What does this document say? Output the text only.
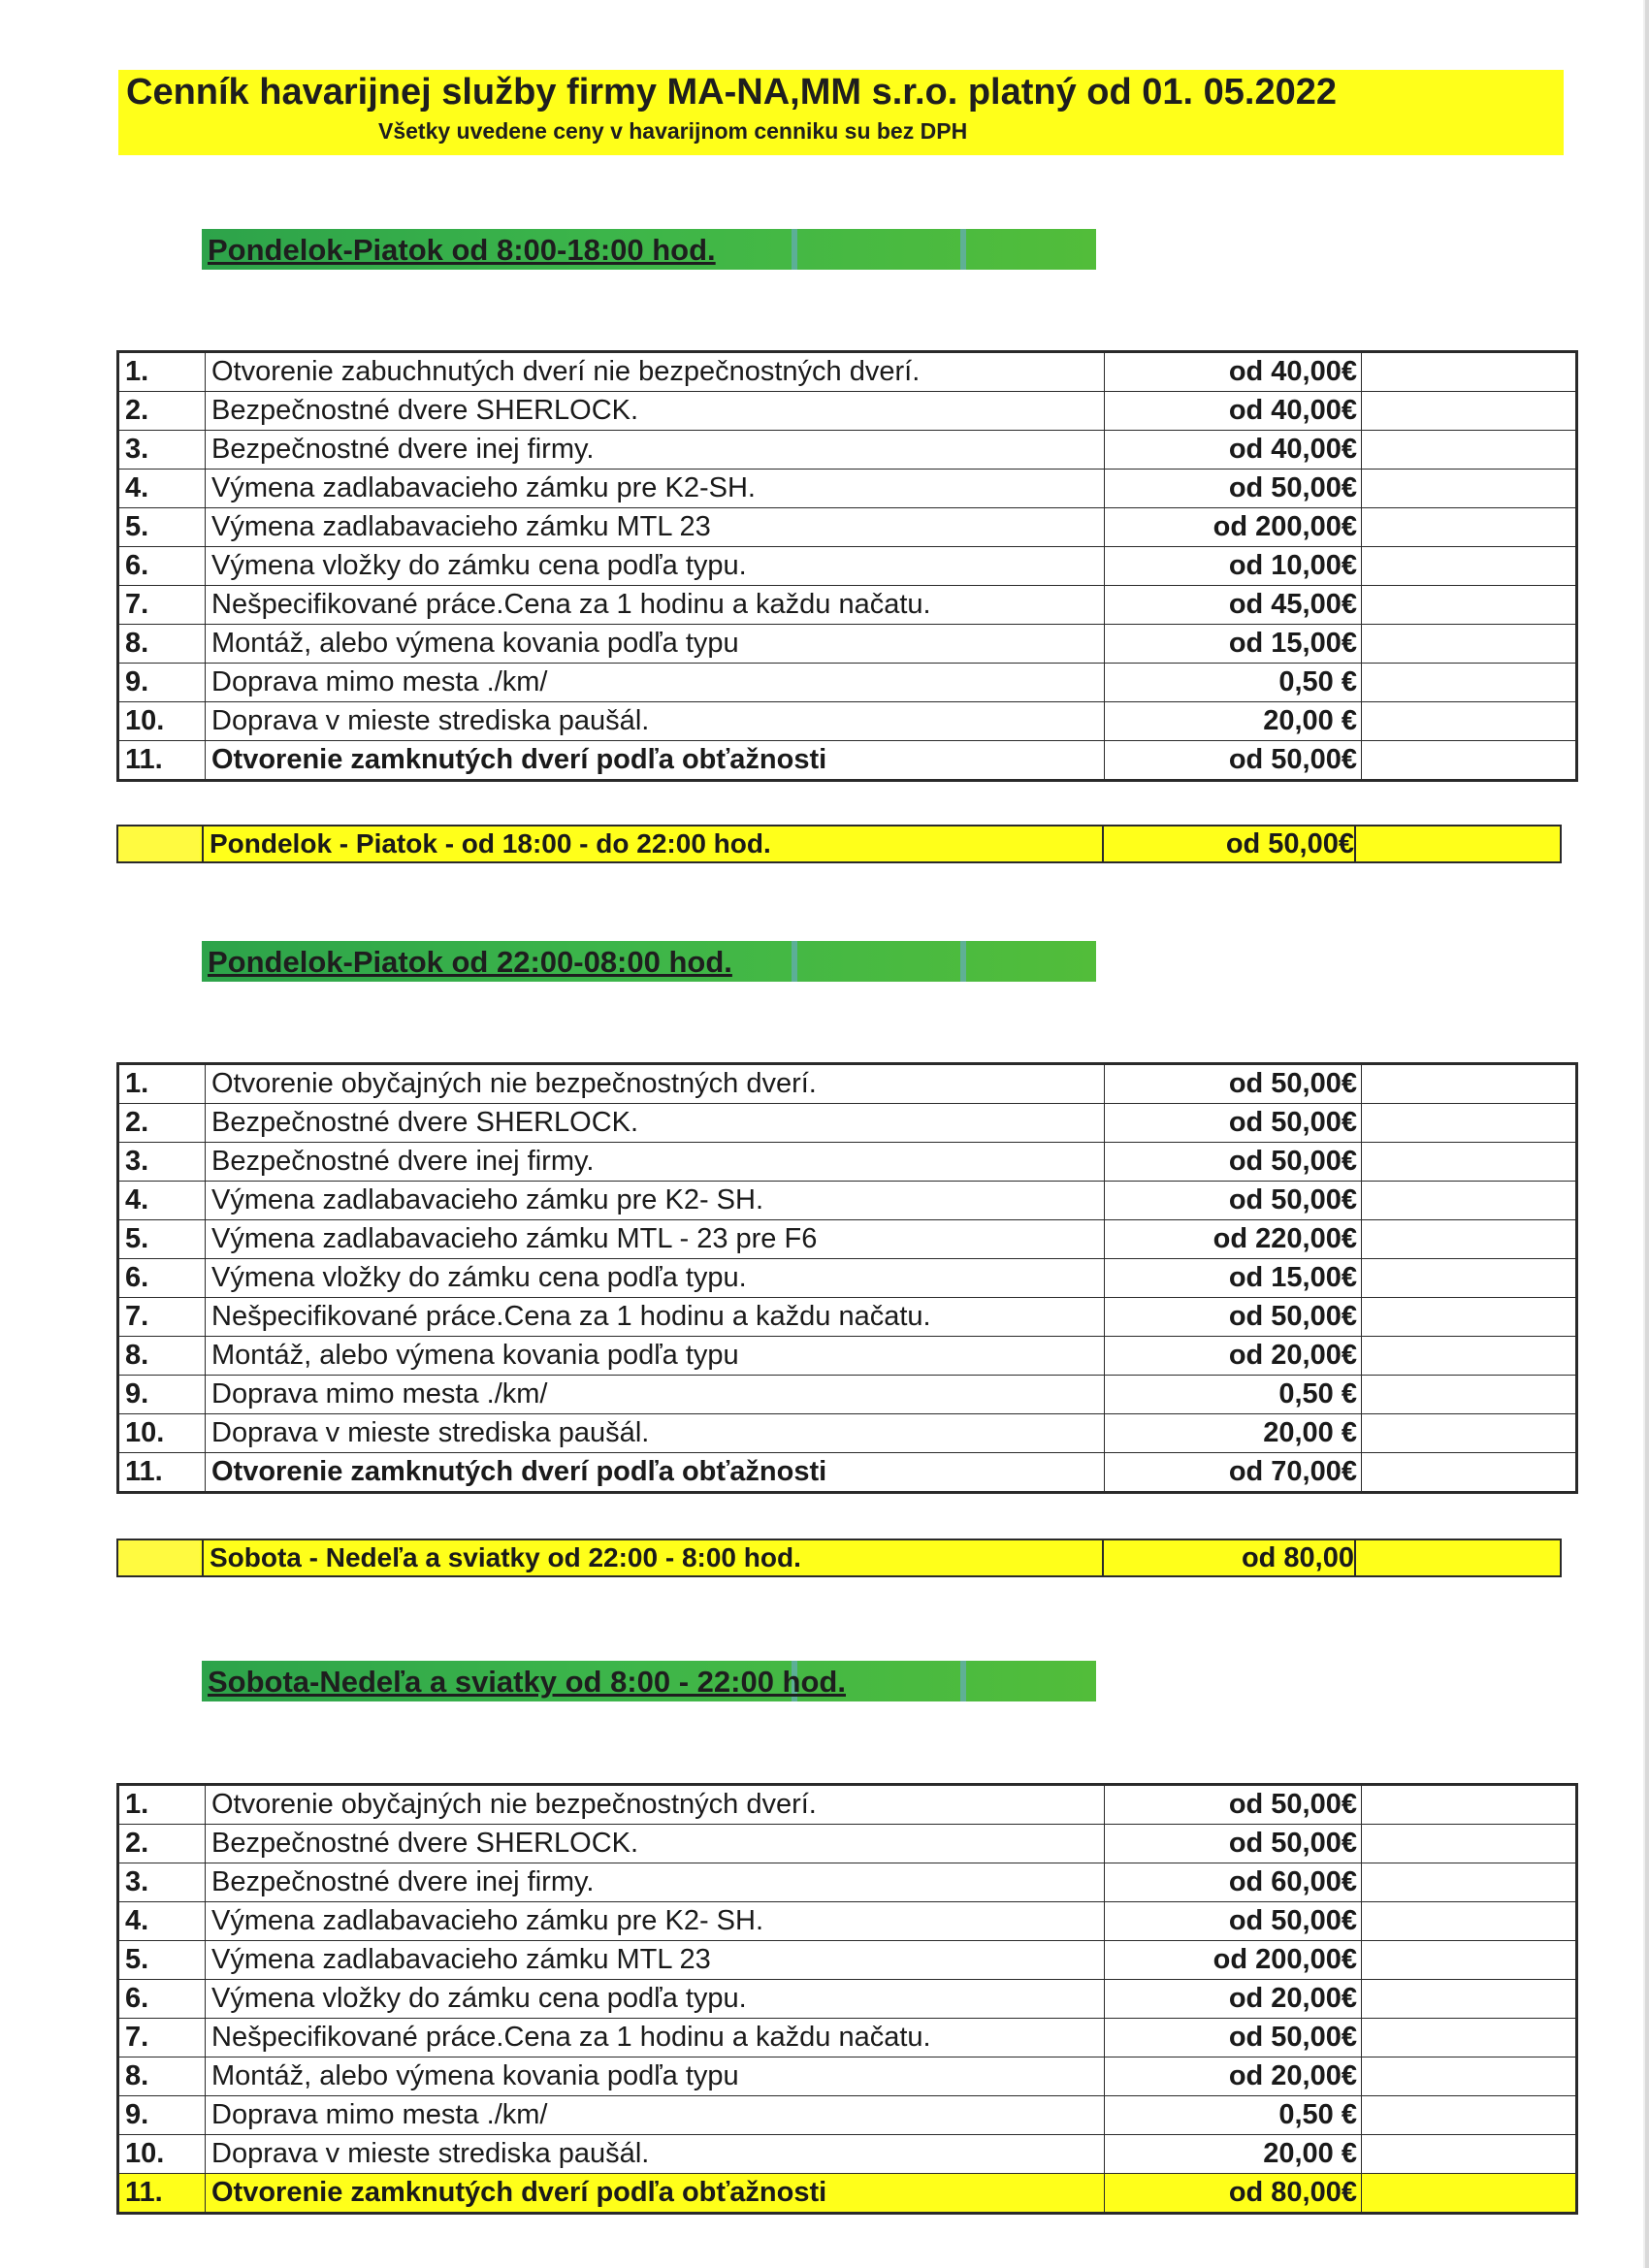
Cenník havarijnej služby firmy MA-NA,MM s.r.o. platný od 01. 05.2022
Všetky uvedene ceny v havarijnom cenniku su bez DPH
Pondelok-Piatok od 8:00-18:00 hod.
1.	Otvorenie zabuchnutých dverí nie bezpečnostných dverí.	od 40,00€	
2.	Bezpečnostné dvere SHERLOCK.	od 40,00€	
3.	Bezpečnostné dvere inej firmy.	od 40,00€	
4.	Výmena zadlabavacieho zámku pre K2-SH.	od 50,00€	
5.	Výmena zadlabavacieho zámku MTL 23	od 200,00€	
6.	Výmena vložky do zámku cena podľa typu.	od 10,00€	
7.	Nešpecifikované práce.Cena za 1 hodinu a každu načatu.	od 45,00€	
8.	Montáž, alebo výmena kovania podľa typu	od 15,00€	
9.	Doprava mimo mesta ./km/	0,50 €	
10.	Doprava v mieste strediska paušál.	20,00 €	
11.	Otvorenie zamknutých dverí podľa obťažnosti	od 50,00€	
Pondelok - Piatok - od 18:00 - do 22:00 hod.	od 50,00€
Pondelok-Piatok od 22:00-08:00 hod.
1.	Otvorenie obyčajných nie bezpečnostných dverí.	od 50,00€	
2.	Bezpečnostné dvere SHERLOCK.	od 50,00€	
3.	Bezpečnostné dvere inej firmy.	od 50,00€	
4.	Výmena zadlabavacieho zámku pre K2- SH.	od 50,00€	
5.	Výmena zadlabavacieho zámku MTL - 23 pre F6	od 220,00€	
6.	Výmena vložky do zámku cena podľa typu.	od 15,00€	
7.	Nešpecifikované práce.Cena za 1 hodinu a každu načatu.	od 50,00€	
8.	Montáž, alebo výmena kovania podľa typu	od 20,00€	
9.	Doprava mimo mesta ./km/	0,50 €	
10.	Doprava v mieste strediska paušál.	20,00 €	
11.	Otvorenie zamknutých dverí podľa obťažnosti	od 70,00€	
Sobota - Nedeľa a sviatky od 22:00 - 8:00 hod.	od 80,00
Sobota-Nedeľa a sviatky od 8:00 - 22:00 hod.
1.	Otvorenie obyčajných nie bezpečnostných dverí.	od 50,00€	
2.	Bezpečnostné dvere SHERLOCK.	od 50,00€	
3.	Bezpečnostné dvere inej firmy.	od 60,00€	
4.	Výmena zadlabavacieho zámku pre K2- SH.	od 50,00€	
5.	Výmena zadlabavacieho zámku MTL 23	od 200,00€	
6.	Výmena vložky do zámku cena podľa typu.	od 20,00€	
7.	Nešpecifikované práce.Cena za 1 hodinu a každu načatu.	od 50,00€	
8.	Montáž, alebo výmena kovania podľa typu	od 20,00€	
9.	Doprava mimo mesta ./km/	0,50 €	
10.	Doprava v mieste strediska paušál.	20,00 €	
11.	Otvorenie zamknutých dverí podľa obťažnosti	od 80,00€	
